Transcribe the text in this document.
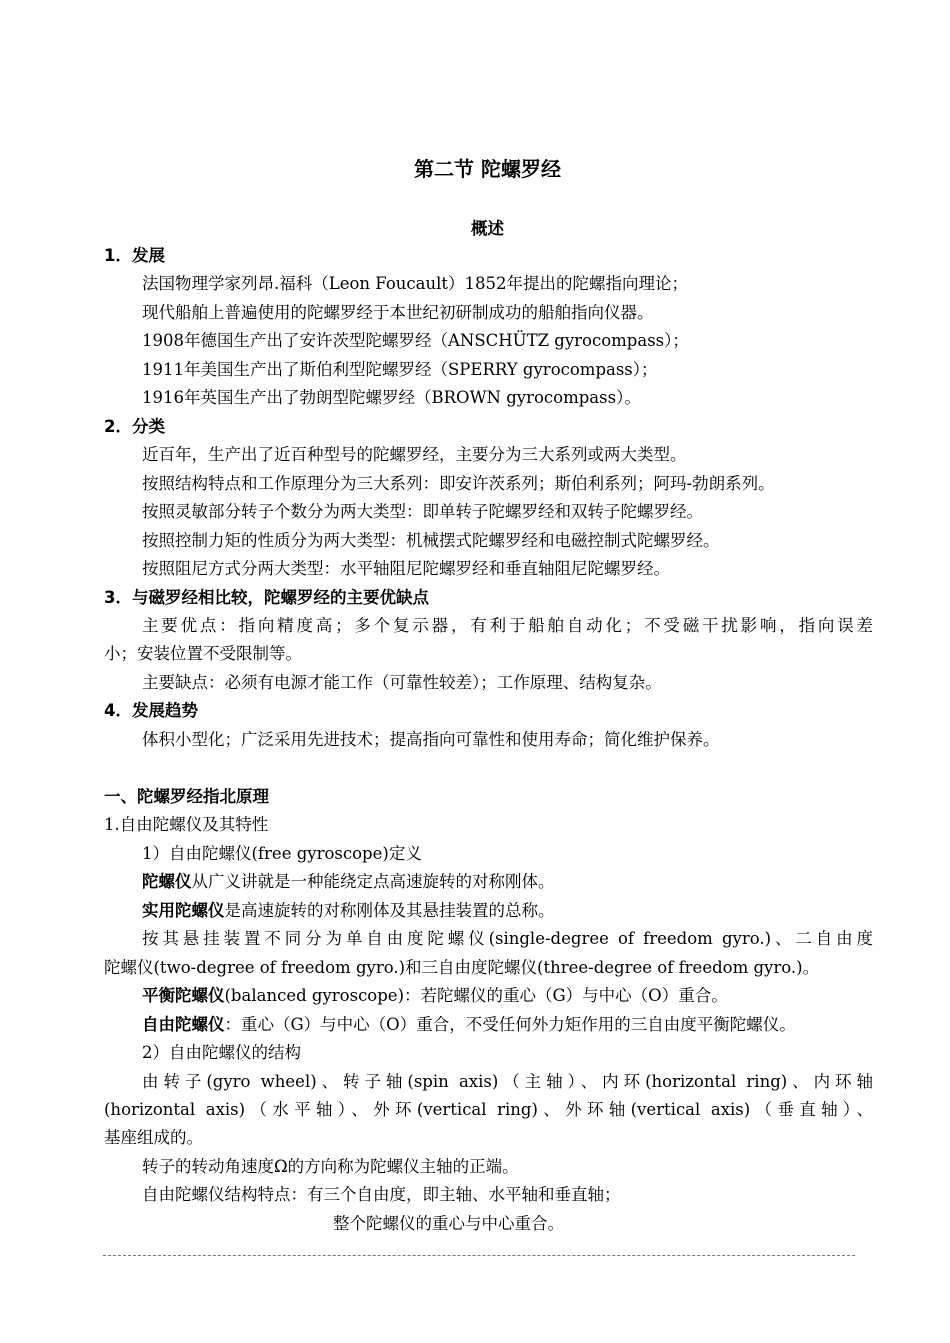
第二节 陀螺罗经
概述
1．发展
法国物理学家列昂.福科（Leon Foucault）1852年提出的陀螺指向理论；
现代船舶上普遍使用的陀螺罗经于本世纪初研制成功的船舶指向仪器。
1908年德国生产出了安许茨型陀螺罗经（ANSCHÜTZ gyrocompass）；
1911年美国生产出了斯伯利型陀螺罗经（SPERRY gyrocompass）；
1916年英国生产出了勃朗型陀螺罗经（BROWN gyrocompass）。
2．分类
近百年，生产出了近百种型号的陀螺罗经，主要分为三大系列或两大类型。
按照结构特点和工作原理分为三大系列：即安许茨系列；斯伯利系列；阿玛-勃朗系列。
按照灵敏部分转子个数分为两大类型：即单转子陀螺罗经和双转子陀螺罗经。
按照控制力矩的性质分为两大类型：机械摆式陀螺罗经和电磁控制式陀螺罗经。
按照阻尼方式分两大类型：水平轴阻尼陀螺罗经和垂直轴阻尼陀螺罗经。
3．与磁罗经相比较，陀螺罗经的主要优缺点
主要优点：指向精度高；多个复示器，有利于船舶自动化；不受磁干扰影响，指向误差
小；安装位置不受限制等。
主要缺点：必须有电源才能工作（可靠性较差）；工作原理、结构复杂。
4．发展趋势
体积小型化；广泛采用先进技术；提高指向可靠性和使用寿命；简化维护保养。
一、陀螺罗经指北原理
1.自由陀螺仪及其特性
1）自由陀螺仪(free gyroscope)定义
陀螺仪从广义讲就是一种能绕定点高速旋转的对称刚体。
实用陀螺仪是高速旋转的对称刚体及其悬挂装置的总称。
按其悬挂装置不同分为单自由度陀螺仪(single-degree of freedom gyro.)、二自由度
陀螺仪(two-degree of freedom gyro.)和三自由度陀螺仪(three-degree of freedom gyro.)。
平衡陀螺仪(balanced gyroscope)：若陀螺仪的重心（G）与中心（O）重合。
自由陀螺仪：重心（G）与中心（O）重合，不受任何外力矩作用的三自由度平衡陀螺仪。
2）自由陀螺仪的结构
由转子(gyro wheel)、转子轴(spin axis)（主轴）、内环(horizontal ring)、内环轴
(horizontal axis)（水平轴）、外环(vertical ring)、外环轴(vertical axis)（垂直轴）、
基座组成的。
转子的转动角速度Ω的方向称为陀螺仪主轴的正端。
自由陀螺仪结构特点：有三个自由度，即主轴、水平轴和垂直轴；
整个陀螺仪的重心与中心重合。
